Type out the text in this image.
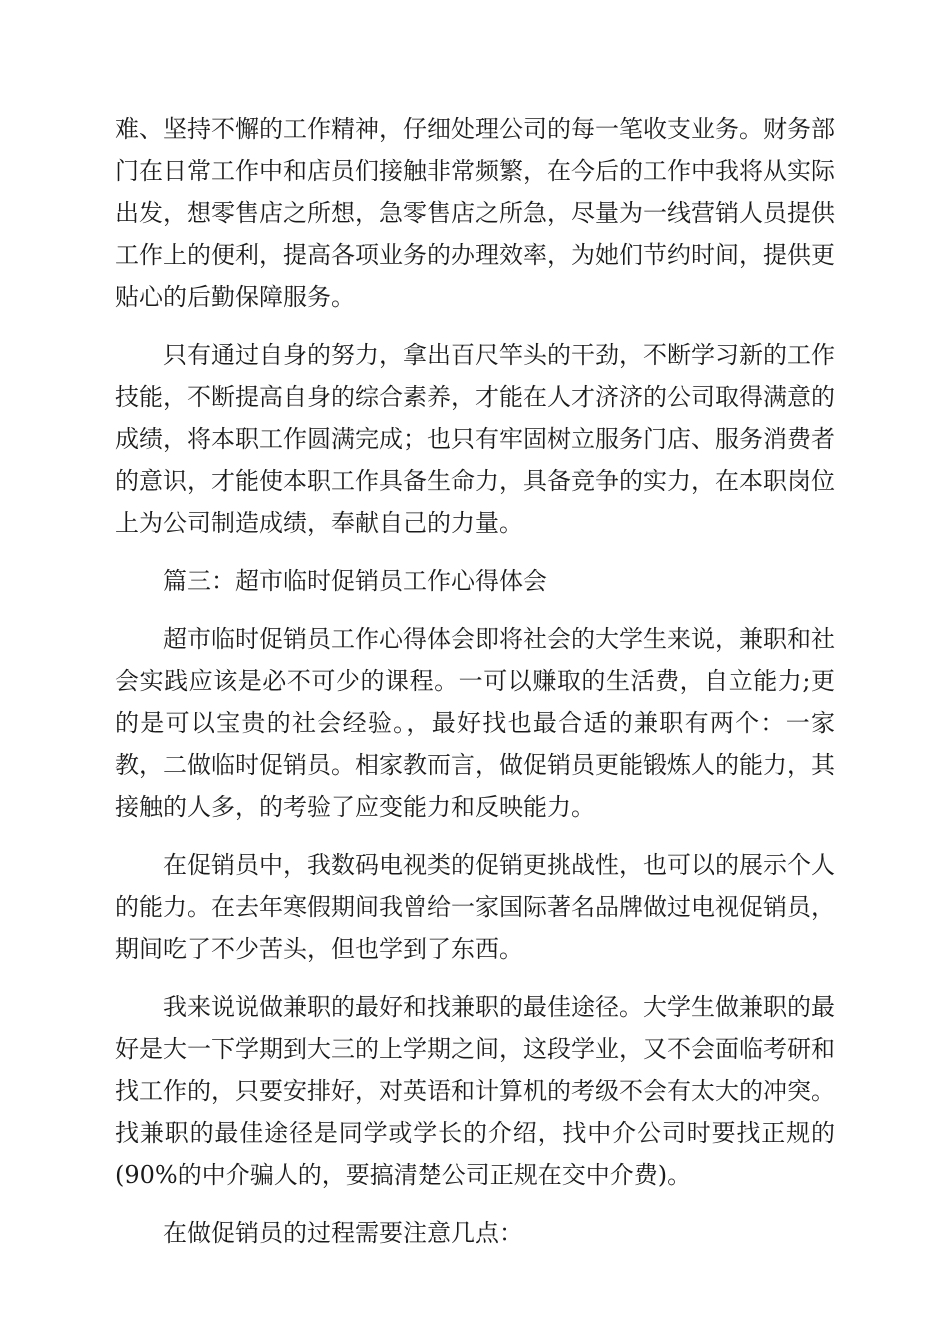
难、坚持不懈的工作精神，仔细处理公司的每一笔收支业务。财务部门在日常工作中和店员们接触非常频繁，在今后的工作中我将从实际出发，想零售店之所想，急零售店之所急，尽量为一线营销人员提供工作上的便利，提高各项业务的办理效率，为她们节约时间，提供更贴心的后勤保障服务。

只有通过自身的努力，拿出百尺竿头的干劲，不断学习新的工作技能，不断提高自身的综合素养，才能在人才济济的公司取得满意的成绩，将本职工作圆满完成；也只有牢固树立服务门店、服务消费者的意识，才能使本职工作具备生命力，具备竞争的实力，在本职岗位上为公司制造成绩，奉献自己的力量。

篇三：超市临时促销员工作心得体会

超市临时促销员工作心得体会即将社会的大学生来说，兼职和社会实践应该是必不可少的课程。一可以赚取的生活费，自立能力;更的是可以宝贵的社会经验。，最好找也最合适的兼职有两个：一家教，二做临时促销员。相家教而言，做促销员更能锻炼人的能力，其接触的人多，的考验了应变能力和反映能力。

在促销员中，我数码电视类的促销更挑战性，也可以的展示个人的能力。在去年寒假期间我曾给一家国际著名品牌做过电视促销员，期间吃了不少苦头，但也学到了东西。

我来说说做兼职的最好和找兼职的最佳途径。大学生做兼职的最好是大一下学期到大三的上学期之间，这段学业，又不会面临考研和找工作的，只要安排好，对英语和计算机的考级不会有太大的冲突。找兼职的最佳途径是同学或学长的介绍，找中介公司时要找正规的(90%的中介骗人的，要搞清楚公司正规在交中介费)。

在做促销员的过程需要注意几点：
